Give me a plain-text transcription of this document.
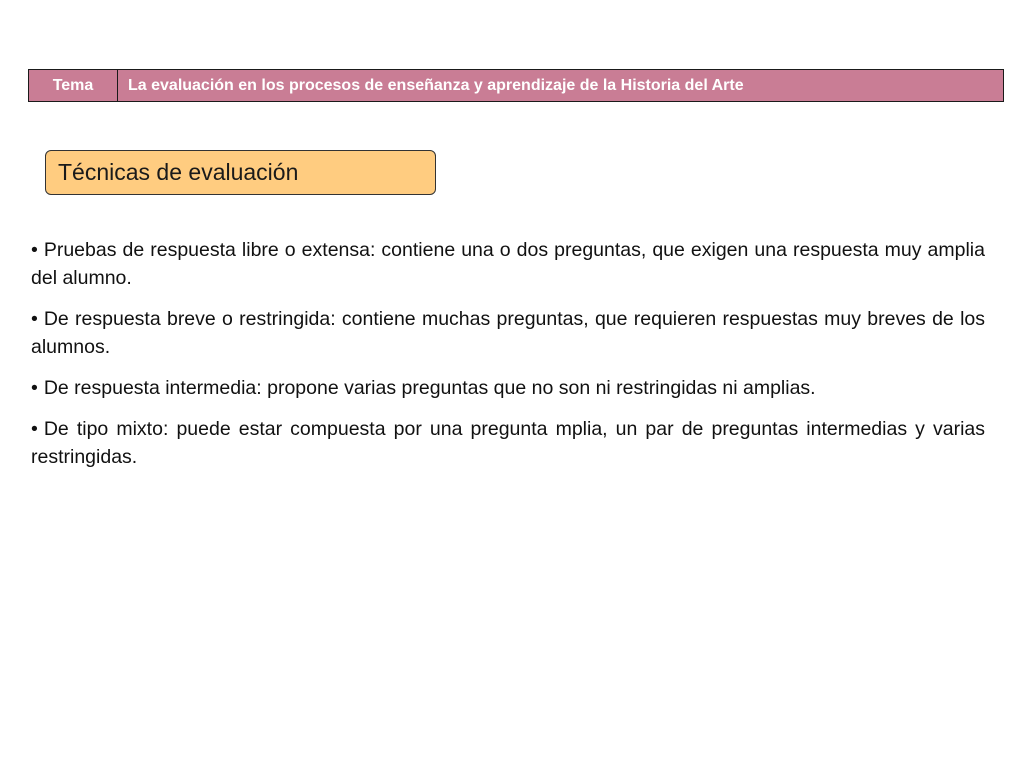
Tema	La evaluación en los procesos de enseñanza y aprendizaje de la Historia del Arte
Técnicas de evaluación
• Pruebas de respuesta libre o extensa: contiene una o dos preguntas, que exigen una respuesta muy amplia del alumno.
• De respuesta breve o restringida: contiene muchas preguntas, que requieren respuestas muy breves de los alumnos.
• De respuesta intermedia: propone varias preguntas que no son ni restringidas ni amplias.
• De tipo mixto: puede estar compuesta por una pregunta mplia, un par de preguntas intermedias y varias restringidas.
